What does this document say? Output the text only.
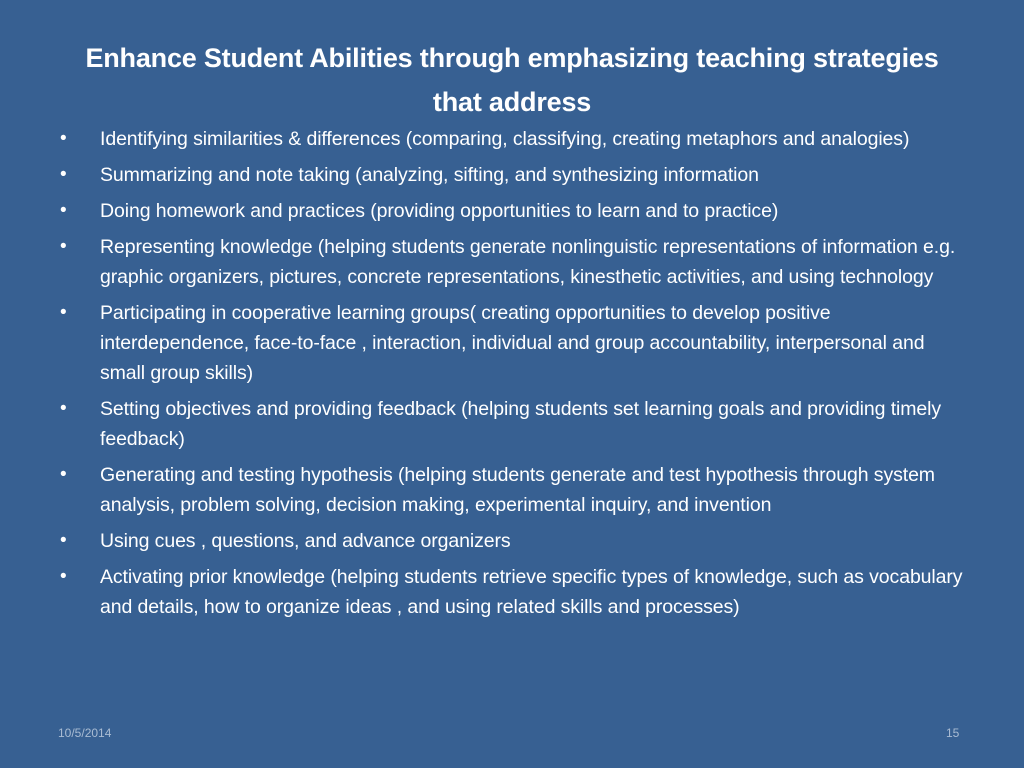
Enhance Student Abilities through emphasizing teaching strategies that address
• Identifying similarities & differences (comparing, classifying, creating metaphors and analogies)
• Summarizing and note taking (analyzing, sifting, and synthesizing information
• Doing homework and practices (providing opportunities to learn and to practice)
• Representing knowledge (helping students generate nonlinguistic representations of information e.g. graphic organizers, pictures, concrete representations, kinesthetic activities, and using technology
• Participating in cooperative learning groups( creating opportunities to develop positive interdependence, face-to-face , interaction, individual and group accountability, interpersonal and small group skills)
• Setting objectives and providing feedback (helping students set learning goals and providing timely feedback)
• Generating and testing hypothesis (helping students generate and test hypothesis through system analysis, problem solving, decision making, experimental inquiry, and invention
• Using cues , questions, and advance organizers
• Activating prior knowledge (helping students retrieve specific types of knowledge, such as vocabulary and details, how to organize ideas , and using related skills and processes)
10/5/2014	15
